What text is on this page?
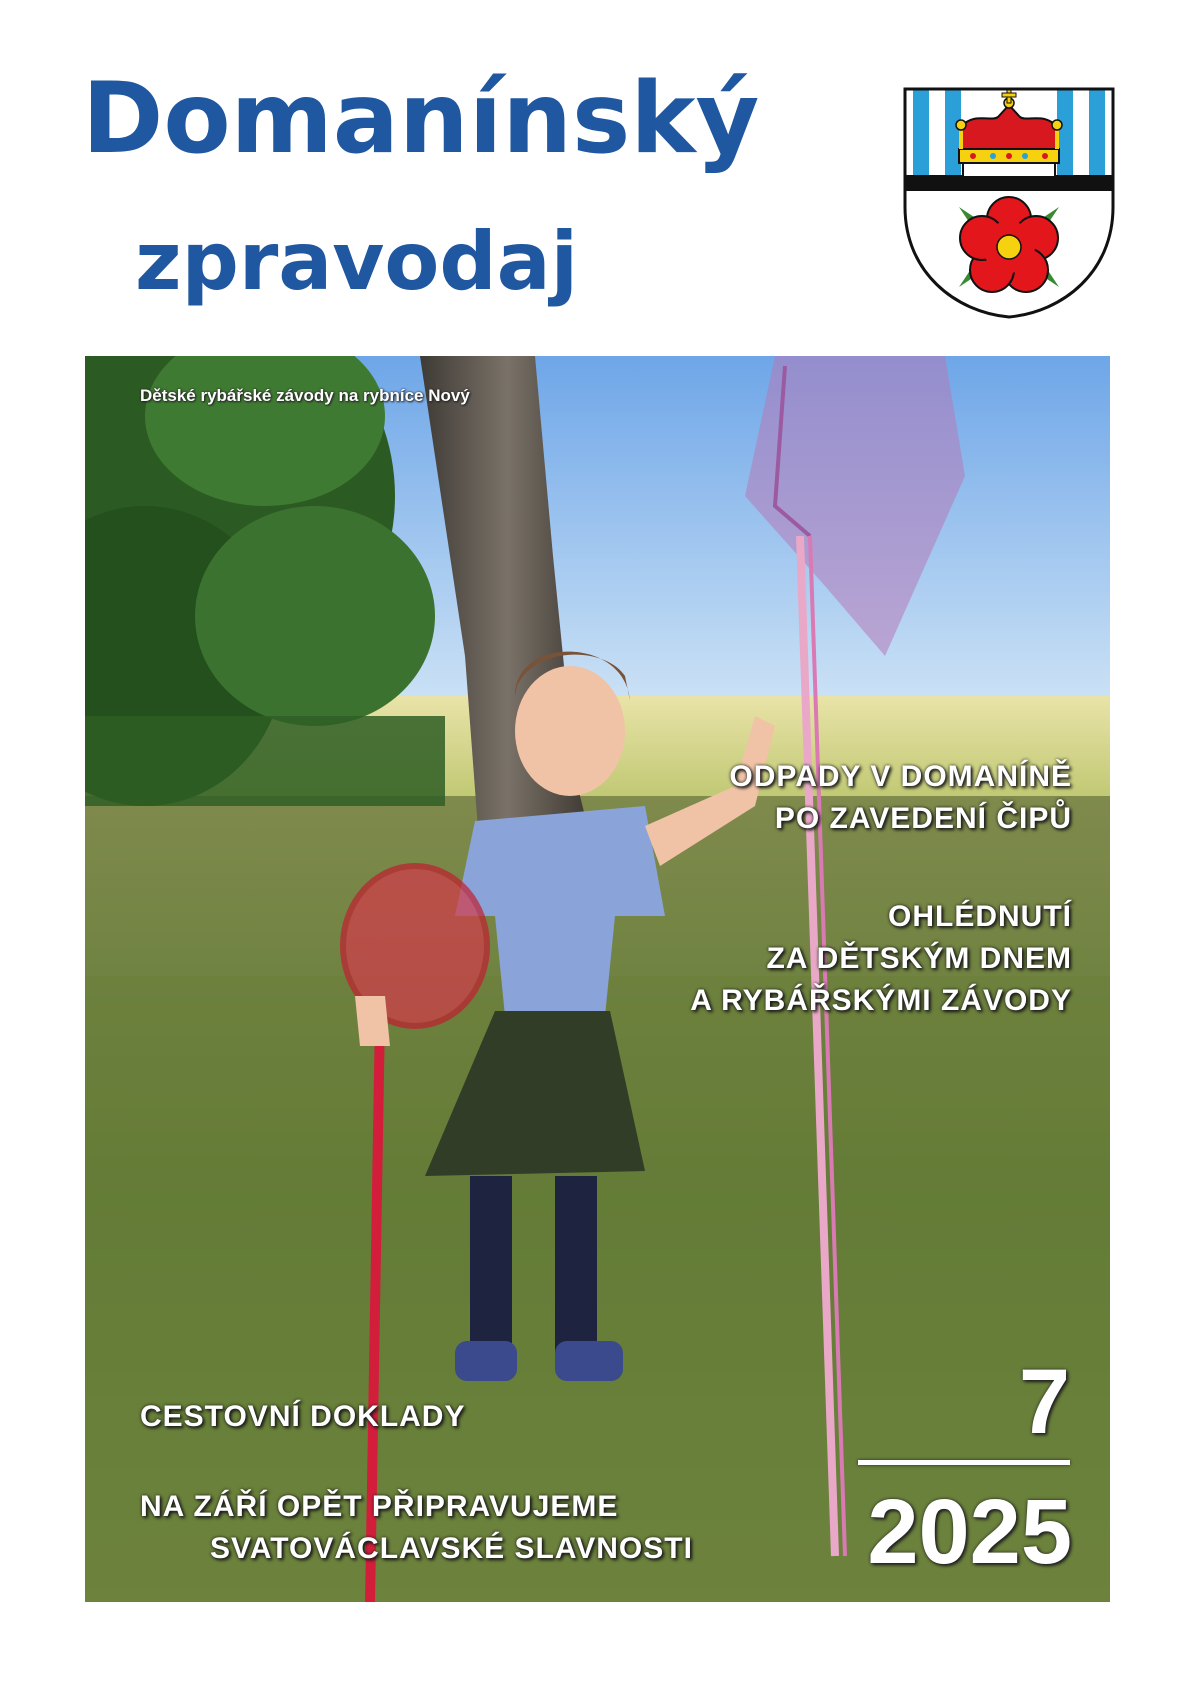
Domanínský
zpravodaj
Dětské rybářské závody na rybníce Nový
ODPADY V DOMANÍNĚ
PO ZAVEDENÍ ČIPŮ
OHLÉDNUTÍ
ZA DĚTSKÝM DNEM
A RYBÁŘSKÝMI ZÁVODY
CESTOVNÍ DOKLADY
NA ZÁŘÍ OPĚT PŘIPRAVUJEME
SVATOVÁCLAVSKÉ SLAVNOSTI
7
2025
